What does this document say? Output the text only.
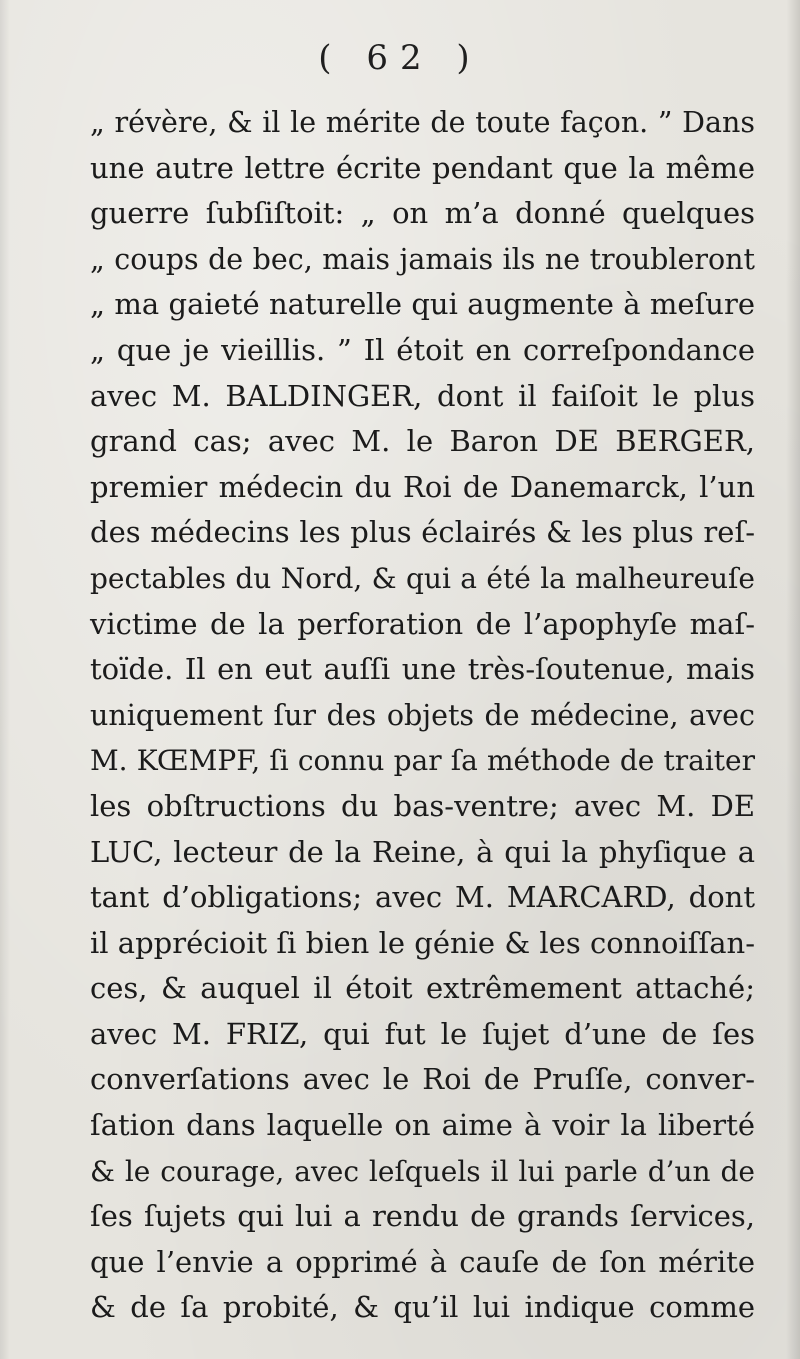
( 62 )
„ révère, & il le mérite de toute façon. ” Dans
une autre lettre écrite pendant que la même
guerre ſubſiſtoit: „ on m’a donné quelques
„ coups de bec, mais jamais ils ne troubleront
„ ma gaieté naturelle qui augmente à meſure
„ que je vieillis. ” Il étoit en correſpondance
avec M. BALDINGER, dont il faiſoit le plus
grand cas; avec M. le Baron DE BERGER,
premier médecin du Roi de Danemarck, l’un
des médecins les plus éclairés & les plus reſ-
pectables du Nord, & qui a été la malheureuſe
victime de la perforation de l’apophyſe maſ-
toïde. Il en eut auſſi une très-ſoutenue, mais
uniquement ſur des objets de médecine, avec
M. KŒMPF, ſi connu par ſa méthode de traiter
les obſtructions du bas-ventre; avec M. DE
LUC, lecteur de la Reine, à qui la phyſique a
tant d’obligations; avec M. MARCARD, dont
il apprécioit ſi bien le génie & les connoiſſan-
ces, & auquel il étoit extrêmement attaché;
avec M. FRIZ, qui fut le ſujet d’une de ſes
converſations avec le Roi de Pruſſe, conver-
ſation dans laquelle on aime à voir la liberté
& le courage, avec leſquels il lui parle d’un de
ſes ſujets qui lui a rendu de grands ſervices,
que l’envie a opprimé à cauſe de ſon mérite
& de ſa probité, & qu’il lui indique comme
